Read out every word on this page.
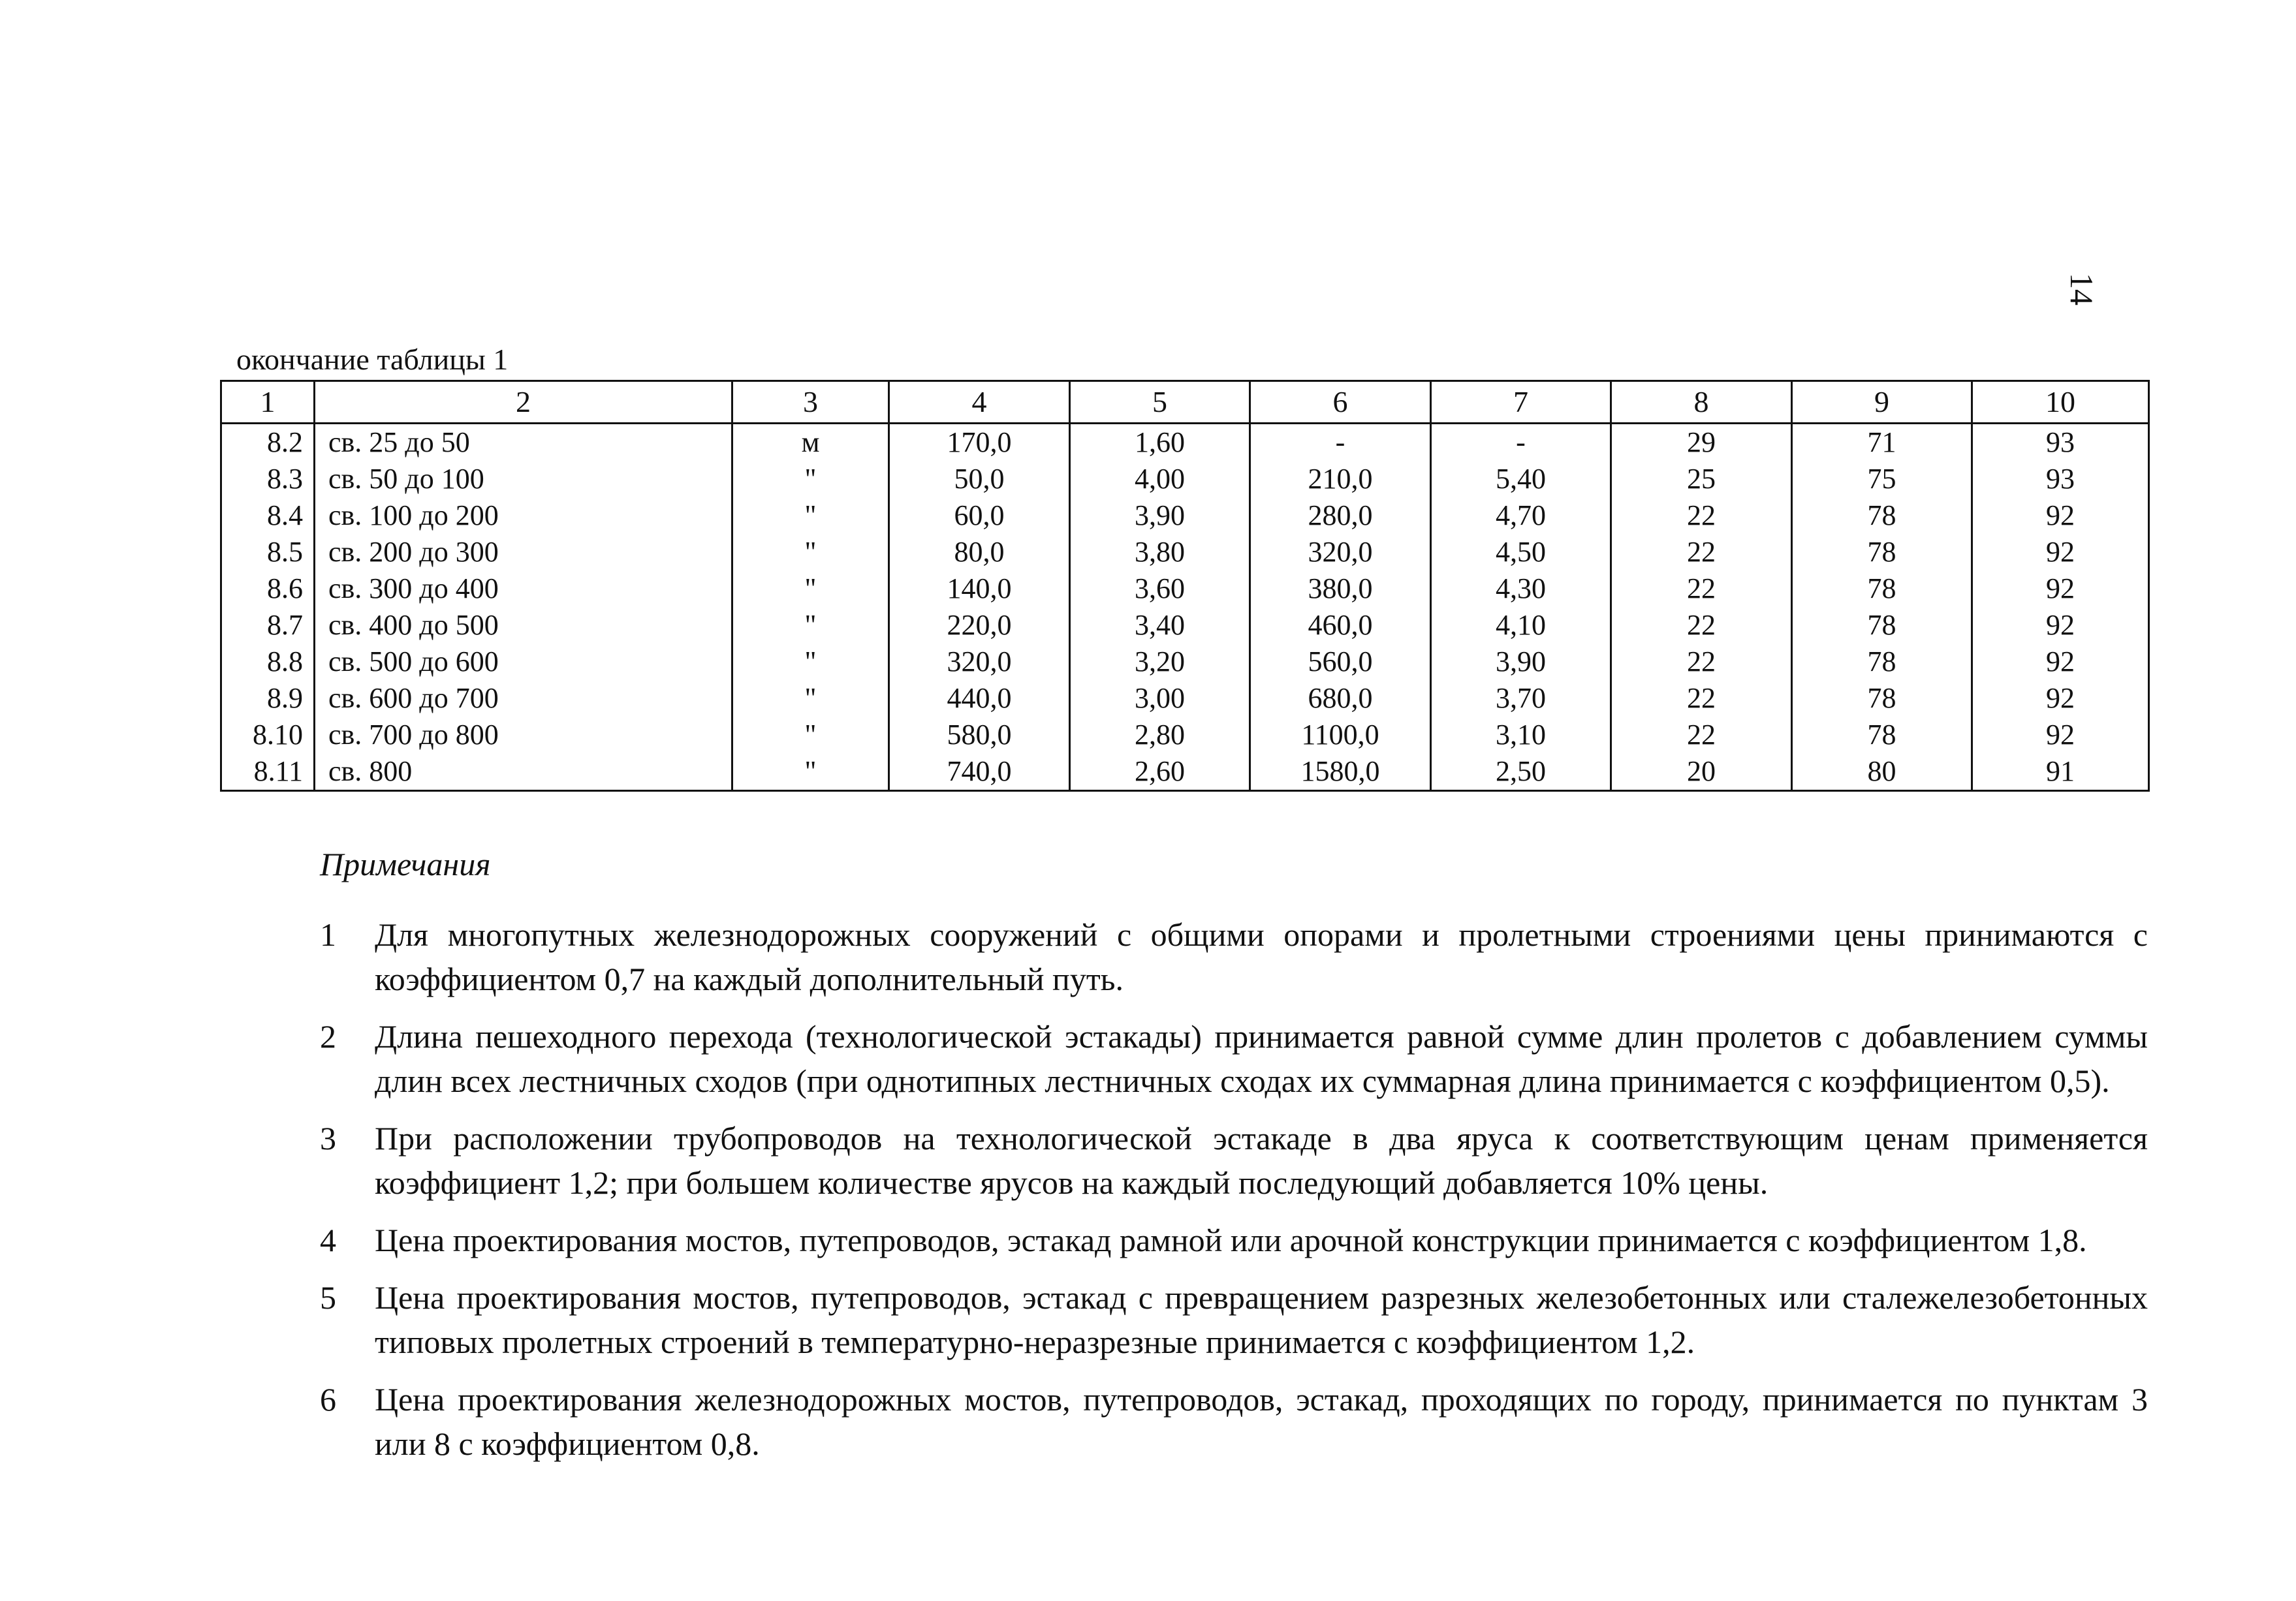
14
окончание таблицы 1
1	2	3	4	5	6	7	8	9	10
8.2	св. 25 до 50	м	170,0	1,60	-	-	29	71	93
8.3	св. 50 до 100	"	50,0	4,00	210,0	5,40	25	75	93
8.4	св. 100 до 200	"	60,0	3,90	280,0	4,70	22	78	92
8.5	св. 200 до 300	"	80,0	3,80	320,0	4,50	22	78	92
8.6	св. 300 до 400	"	140,0	3,60	380,0	4,30	22	78	92
8.7	св. 400 до 500	"	220,0	3,40	460,0	4,10	22	78	92
8.8	св. 500 до 600	"	320,0	3,20	560,0	3,90	22	78	92
8.9	св. 600 до 700	"	440,0	3,00	680,0	3,70	22	78	92
8.10	св. 700 до 800	"	580,0	2,80	1100,0	3,10	22	78	92
8.11	св. 800	"	740,0	2,60	1580,0	2,50	20	80	91
Примечания
1 Для многопутных железнодорожных сооружений с общими опорами и пролетными строениями цены принимаются с коэффициентом 0,7 на каждый дополнительный путь.
2 Длина пешеходного перехода (технологической эстакады) принимается равной сумме длин пролетов с добавлением суммы длин всех лестничных сходов (при однотипных лестничных сходах их суммарная длина принимается с коэффициентом 0,5).
3 При расположении трубопроводов на технологической эстакаде в два яруса к соответствующим ценам применяется коэффициент 1,2; при большем количестве ярусов на каждый последующий добавляется 10% цены.
4 Цена проектирования мостов, путепроводов, эстакад рамной или арочной конструкции принимается с коэффициентом 1,8.
5 Цена проектирования мостов, путепроводов, эстакад с превращением разрезных железобетонных или сталежелезобетонных типовых пролетных строений в температурно-неразрезные принимается с коэффициентом 1,2.
6 Цена проектирования железнодорожных мостов, путепроводов, эстакад, проходящих по городу, принимается по пунктам 3 или 8 с коэффициентом 0,8.
